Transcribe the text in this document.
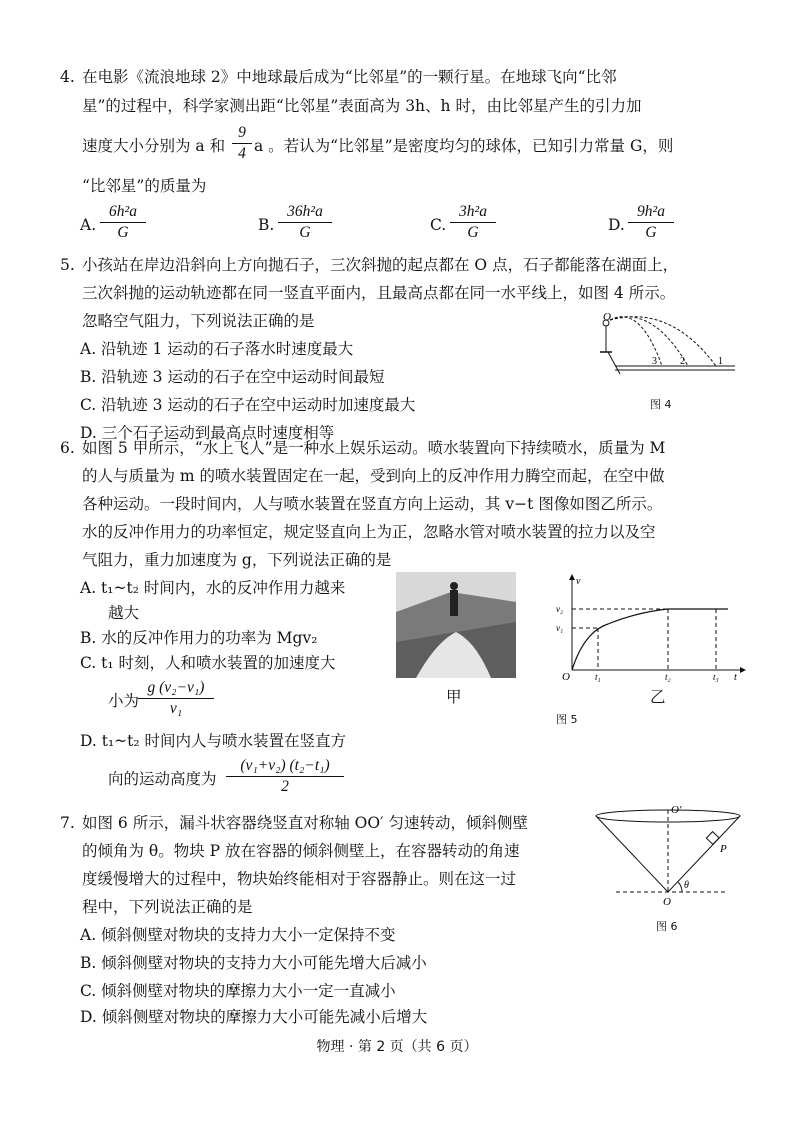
4. 在电影《流浪地球 2》中地球最后成为“比邻星”的一颗行星。在地球飞向“比邻
星”的过程中，科学家测出距“比邻星”表面高为 3h、h 时，由比邻星产生的引力加
速度大小分别为 a 和 $\frac{9}{4}$ a 。若认为“比邻星”是密度均匀的球体，已知引力常量 G，则
“比邻星”的质量为
A. $\frac{\text{6h²a}}{G}$	B. $\frac{\text{36h²a}}{G}$	C. $\frac{\text{3h²a}}{G}$	D. $\frac{\text{9h²a}}{G}$
5. 小孩站在岸边沿斜向上方向抛石子，三次斜抛的起点都在 O 点，石子都能落在湖面上，
三次斜抛的运动轨迹都在同一竖直平面内，且最高点都在同一水平线上，如图 4 所示。
忽略空气阻力，下列说法正确的是
A. 沿轨迹 1 运动的石子落水时速度最大
B. 沿轨迹 3 运动的石子在空中运动时间最短
C. 沿轨迹 3 运动的石子在空中运动时加速度最大
D. 三个石子运动到最高点时速度相等
O
3 2	1
图 4
6. 如图 5 甲所示，“水上飞人”是一种水上娱乐运动。喷水装置向下持续喷水，质量为 M
的人与质量为 m 的喷水装置固定在一起，受到向上的反冲作用力腾空而起，在空中做
各种运动。一段时间内，人与喷水装置在竖直方向上运动，其 v−t 图像如图乙所示。
水的反冲作用力的功率恒定，规定竖直向上为正，忽略水管对喷水装置的拉力以及空
气阻力，重力加速度为 g，下列说法正确的是
A. t₁~t₂ 时间内，水的反冲作用力越来
越大
B. 水的反冲作用力的功率为 Mgv₂
C. t₁ 时刻，人和喷水装置的加速度大
小为
$\frac{\text{g (v₂−v₁)}}{\text{v₁}}$
D. t₁~t₂ 时间内人与喷水装置在竖直方
向的运动高度为 $\frac{\text{(v₁+v₂) (t₂−t₁)}}{2}$
甲
v
v₂
v₁
O	t₁	t₂	t₃ t
乙
图 5
7. 如图 6 所示，漏斗状容器绕竖直对称轴 OO′ 匀速转动，倾斜侧壁
的倾角为 θ。物块 P 放在容器的倾斜侧壁上，在容器转动的角速
度缓慢增大的过程中，物块始终能相对于容器静止。则在这一过
程中，下列说法正确的是
A. 倾斜侧壁对物块的支持力大小一定保持不变
B. 倾斜侧壁对物块的支持力大小可能先增大后减小
C. 倾斜侧壁对物块的摩擦力大小一定一直减小
D. 倾斜侧壁对物块的摩擦力大小可能先减小后增大
O′
O
P
θ
图 6
物理 · 第 2 页（共 6 页）
